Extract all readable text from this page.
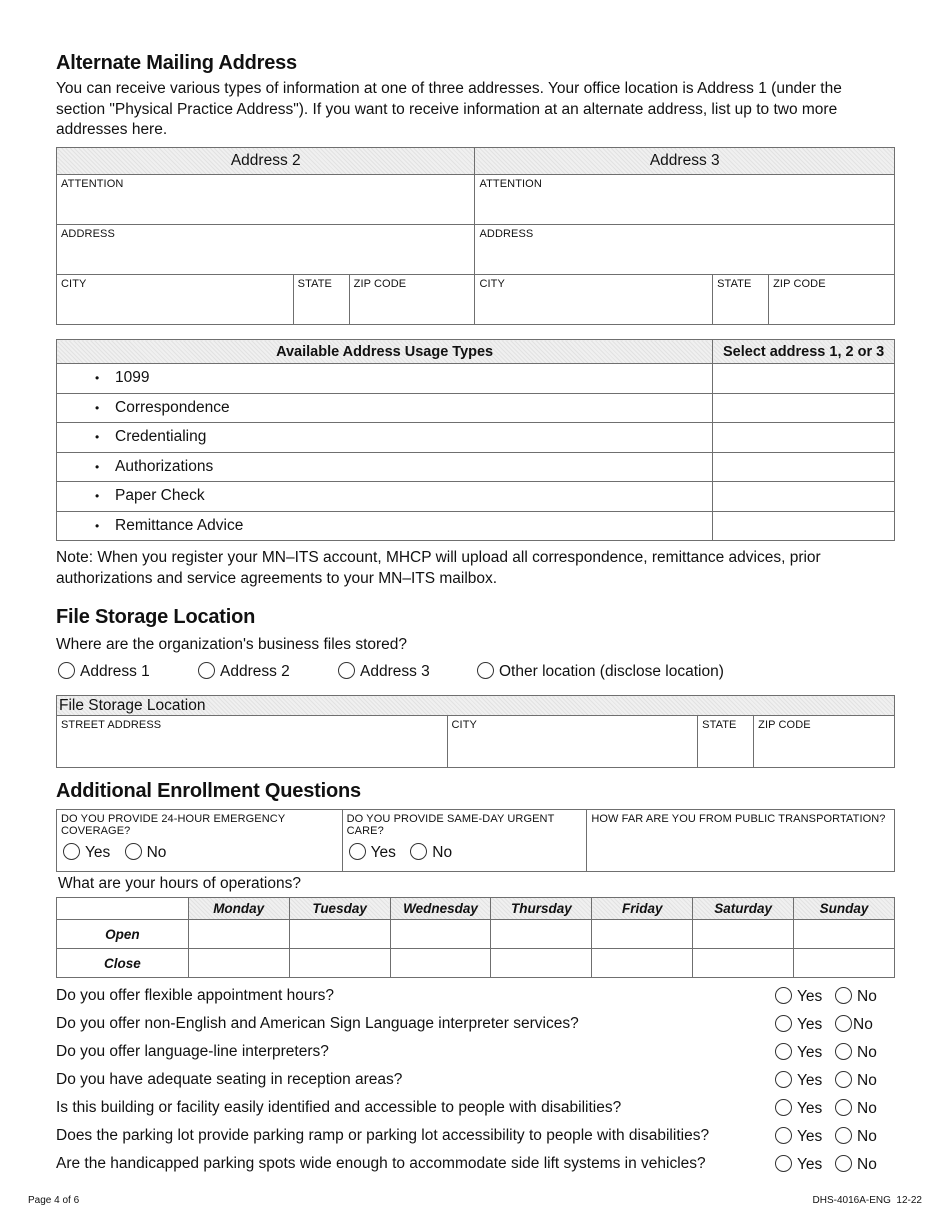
Alternate Mailing Address
You can receive various types of information at one of three addresses. Your office location is Address 1 (under the section "Physical Practice Address"). If you want to receive information at an alternate address, list up to two more addresses here.
Address 2			Address 3		

ATTENTION			ATTENTION		

ADDRESS			ADDRESS		

CITY	STATE	ZIP CODE	CITY	STATE	ZIP CODE
Available Address Usage Types	Select address 1, 2 or 3
• 1099	
• Correspondence	
• Credentialing	
• Authorizations	
• Paper Check	
• Remittance Advice	
Note: When you register your MN–ITS account, MHCP will upload all correspondence, remittance advices, prior authorizations and service agreements to your MN–ITS mailbox.
File Storage Location
Where are the organization's business files stored?
Address 1	Address 2	Address 3	Other location (disclose location)
File Storage Location

STREET ADDRESS	CITY	STATE	ZIP CODE
Additional Enrollment Questions
DO YOU PROVIDE 24-HOUR EMERGENCY COVERAGE?
Yes No

DO YOU PROVIDE SAME-DAY URGENT CARE?
Yes No

HOW FAR ARE YOU FROM PUBLIC TRANSPORTATION?
What are your hours of operations?
	Monday	Tuesday	Wednesday	Thursday	Friday	Saturday	Sunday
Open							
Close							
Do you offer flexible appointment hours?	Yes	No
Do you offer non-English and American Sign Language interpreter services?	Yes	No
Do you offer language-line interpreters?	Yes	No
Do you have adequate seating in reception areas?	Yes	No
Is this building or facility easily identified and accessible to people with disabilities?	Yes	No
Does the parking lot provide parking ramp or parking lot accessibility to people with disabilities?	Yes	No
Are the handicapped parking spots wide enough to accommodate side lift systems in vehicles?	Yes	No
Page 4 of 6	DHS-4016A-ENG  12-22
